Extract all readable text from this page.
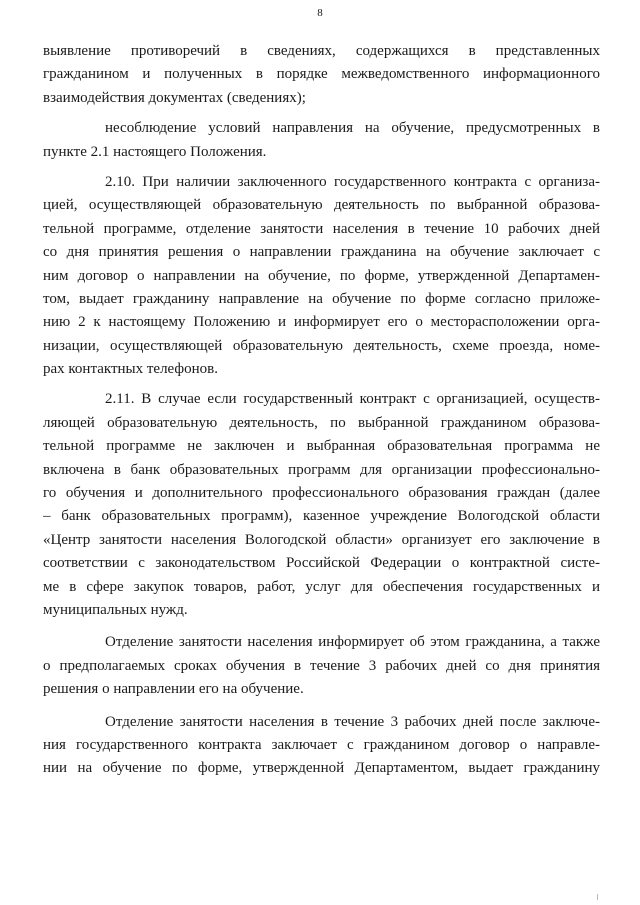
8
выявление противоречий в сведениях, содержащихся в представленных
гражданином и полученных в порядке межведомственного информационного
взаимодействия документах (сведениях);
несоблюдение условий направления на обучение, предусмотренных в
пункте 2.1 настоящего Положения.
2.10. При наличии заключенного государственного контракта с организа-
цией, осуществляющей образовательную деятельность по выбранной образова-
тельной программе, отделение занятости населения в течение 10 рабочих дней
со дня принятия решения о направлении гражданина на обучение заключает с
ним договор о направлении на обучение, по форме, утвержденной Департамен-
том, выдает гражданину направление на обучение по форме согласно приложе-
нию 2 к настоящему Положению и информирует его о месторасположении орга-
низации, осуществляющей образовательную деятельность, схеме проезда, номе-
рах контактных телефонов.
2.11. В случае если государственный контракт с организацией, осуществ-
ляющей образовательную деятельность, по выбранной гражданином образова-
тельной программе не заключен и выбранная образовательная программа не
включена в банк образовательных программ для организации профессионально-
го обучения и дополнительного профессионального образования граждан (далее
– банк образовательных программ), казенное учреждение Вологодской области
«Центр занятости населения Вологодской области» организует его заключение в
соответствии с законодательством Российской Федерации о контрактной систе-
ме в сфере закупок товаров, работ, услуг для обеспечения государственных и
муниципальных нужд.
Отделение занятости населения информирует об этом гражданина, а также
о предполагаемых сроках обучения в течение 3 рабочих дней со дня принятия
решения о направлении его на обучение.
Отделение занятости населения в течение 3 рабочих дней после заключе-
ния государственного контракта заключает с гражданином договор о направле-
нии на обучение по форме, утвержденной Департаментом, выдает гражданину
